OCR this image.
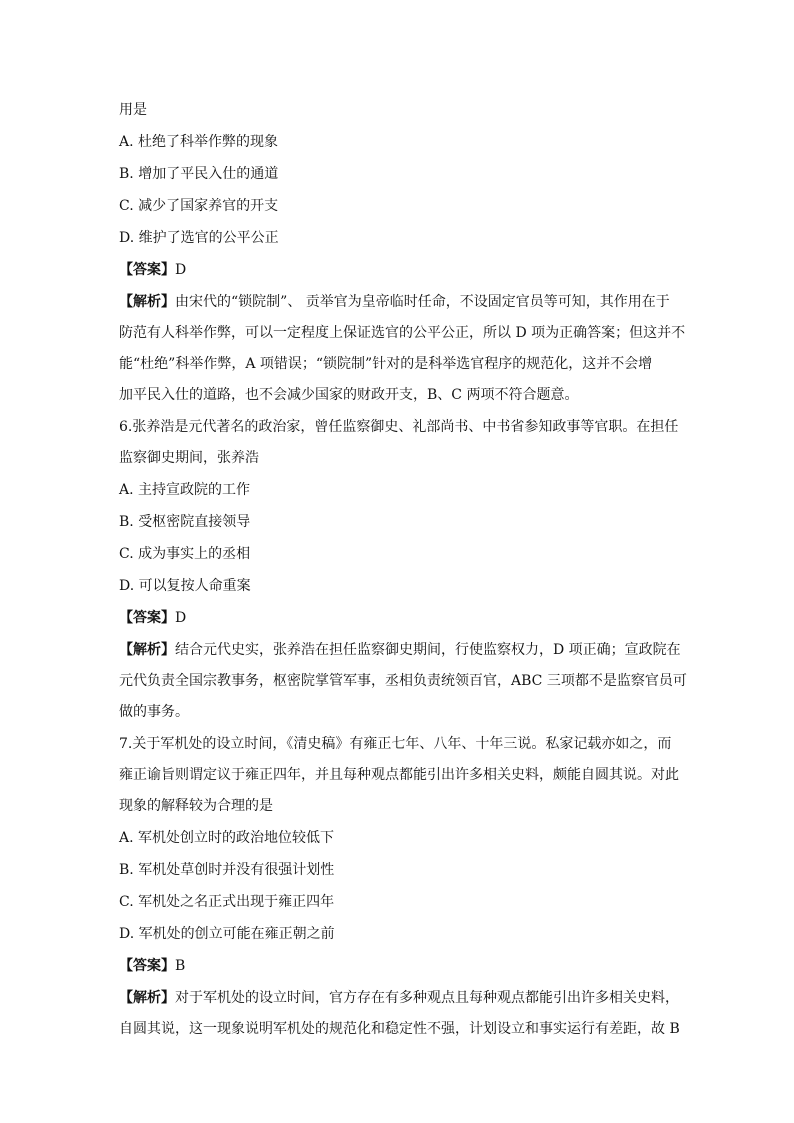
用是

A. 杜绝了科举作弊的现象

B. 增加了平民入仕的通道

C. 减少了国家养官的开支

D. 维护了选官的公平公正

【答案】D

【解析】由宋代的“锁院制”、 贡举官为皇帝临时任命，不设固定官员等可知，其作用在于

防范有人科举作弊，可以一定程度上保证选官的公平公正，所以 D 项为正确答案；但这并不

能“杜绝”科举作弊，A 项错误；“锁院制”针对的是科举选官程序的规范化，这并不会增

加平民入仕的道路，也不会减少国家的财政开支，B、C 两项不符合题意。

6.张养浩是元代著名的政治家，曾任监察御史、礼部尚书、中书省参知政事等官职。在担任

监察御史期间，张养浩

A. 主持宣政院的工作

B. 受枢密院直接领导

C. 成为事实上的丞相

D. 可以复按人命重案

【答案】D

【解析】结合元代史实，张养浩在担任监察御史期间，行使监察权力，D 项正确；宣政院在

元代负责全国宗教事务，枢密院掌管军事，丞相负责统领百官，ABC 三项都不是监察官员可

做的事务。

7.关于军机处的设立时间，《清史稿》有雍正七年、八年、十年三说。私家记载亦如之，而

雍正谕旨则谓定议于雍正四年，并且每种观点都能引出许多相关史料，颇能自圆其说。对此

现象的解释较为合理的是

A. 军机处创立时的政治地位较低下

B. 军机处草创时并没有很强计划性

C. 军机处之名正式出现于雍正四年

D. 军机处的创立可能在雍正朝之前

【答案】B

【解析】对于军机处的设立时间，官方存在有多种观点且每种观点都能引出许多相关史料，

自圆其说，这一现象说明军机处的规范化和稳定性不强，计划设立和事实运行有差距，故 B
